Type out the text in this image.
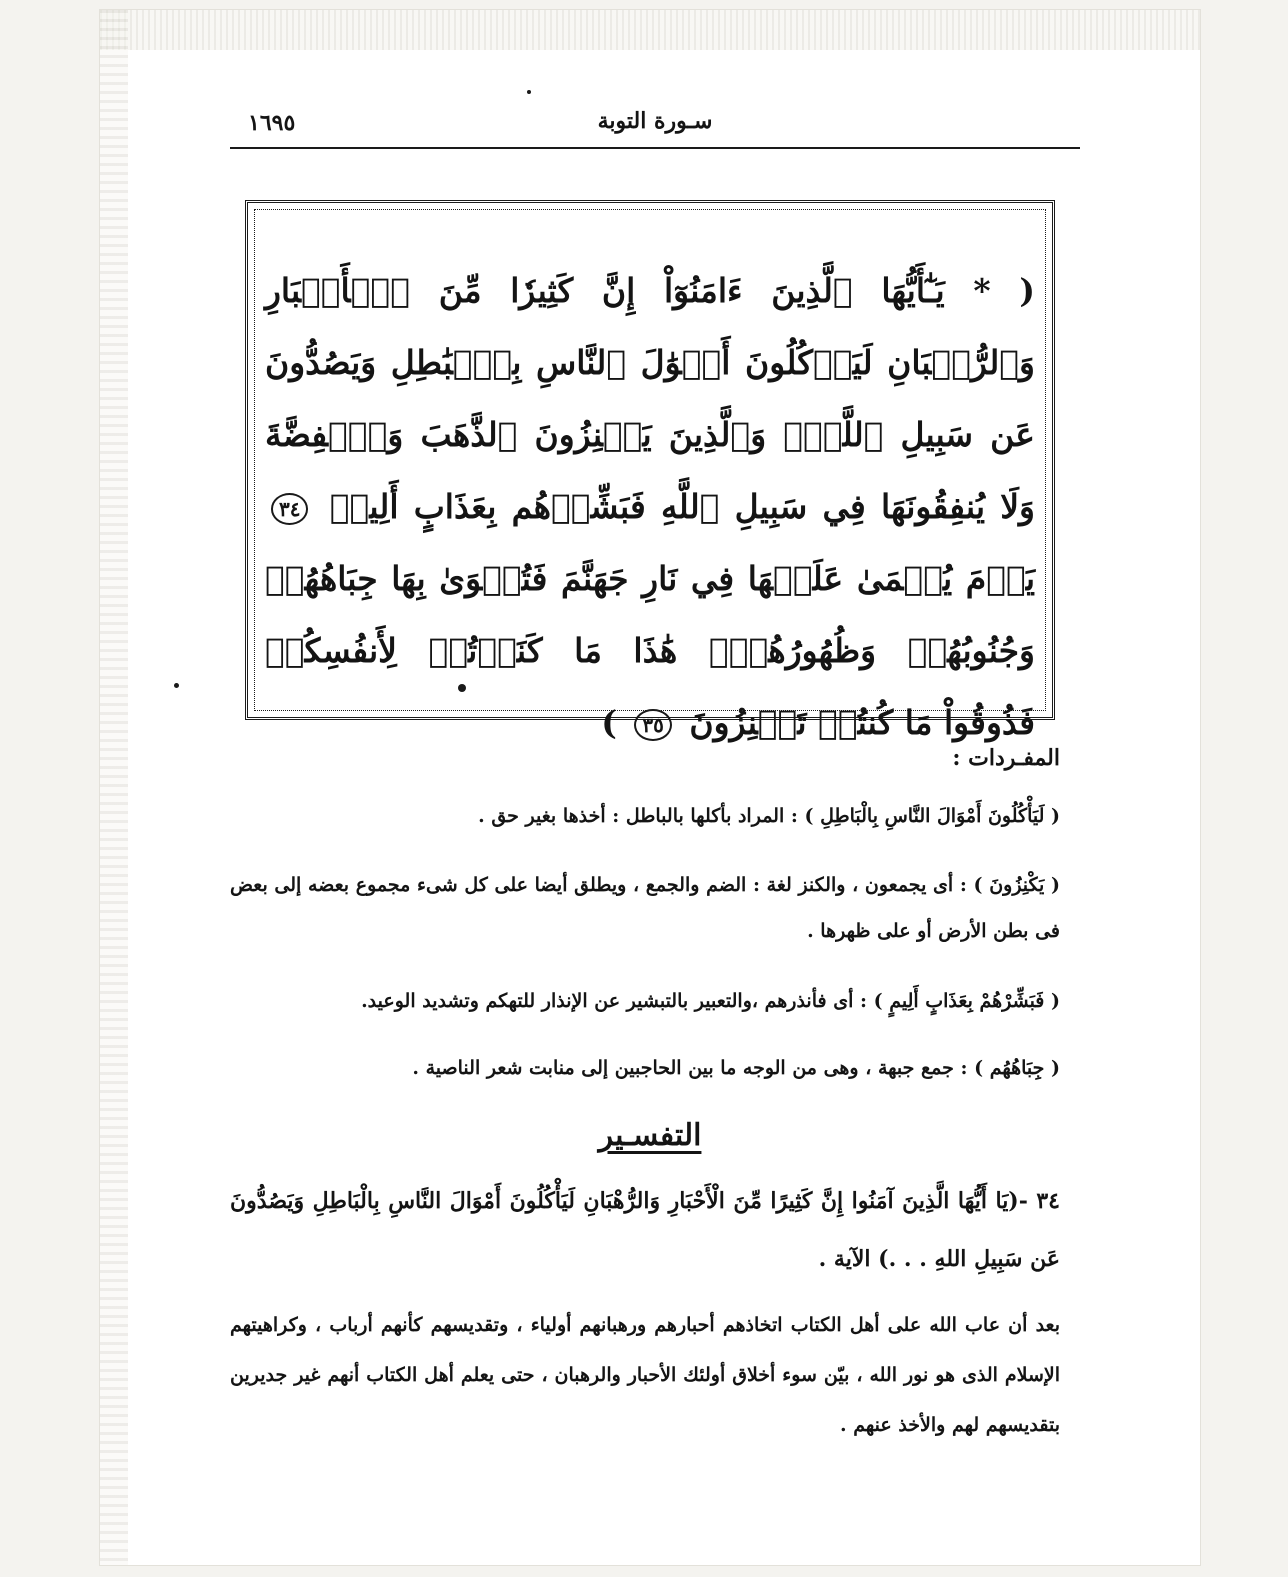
سـورة التوبة
١٦٩٥

( * يَـٰٓأَيُّهَا ٱلَّذِينَ ءَامَنُوٓاْ إِنَّ كَثِيرٗا مِّنَ ٱلۡأَحۡبَارِ وَٱلرُّهۡبَانِ لَيَأۡكُلُونَ أَمۡوَٰلَ ٱلنَّاسِ بِٱلۡبَٰطِلِ وَيَصُدُّونَ عَن سَبِيلِ ٱللَّهِۗ وَٱلَّذِينَ يَكۡنِزُونَ ٱلذَّهَبَ وَٱلۡفِضَّةَ وَلَا يُنفِقُونَهَا فِي سَبِيلِ ٱللَّهِ فَبَشِّرۡهُم بِعَذَابٍ أَلِيمٖ ٣٤ يَوۡمَ يُحۡمَىٰ عَلَيۡهَا فِي نَارِ جَهَنَّمَ فَتُكۡوَىٰ بِهَا جِبَاهُهُمۡ وَجُنُوبُهُمۡ وَظُهُورُهُمۡۖ هَٰذَا مَا كَنَزۡتُمۡ لِأَنفُسِكُمۡ فَذُوقُواْ مَا كُنتُمۡ تَكۡنِزُونَ ٣٥ )

المفـردات :

( لَيَأْكُلُونَ أَمْوَالَ النَّاسِ بِالْبَاطِلِ ) : المراد بأكلها بالباطل : أخذها بغير حق .

( يَكْنِزُونَ ) : أى يجمعون ، والكنز لغة : الضم والجمع ، ويطلق أيضا على كل شىء مجموع بعضه إلى بعض فى بطن الأرض أو على ظهرها .

( فَبَشِّرْهُمْ بِعَذَابٍ أَلِيمٍ ) : أى فأنذرهم ،والتعبير بالتبشير عن الإنذار للتهكم وتشديد الوعيد.

( جِبَاهُهُم ) : جمع جبهة ، وهى من الوجه ما بين الحاجبين إلى منابت شعر الناصية .

التفسـير

٣٤ -(يَا أَيُّهَا الَّذِينَ آمَنُوا إِنَّ كَثِيرًا مِّنَ الْأَحْبَارِ وَالرُّهْبَانِ لَيَأْكُلُونَ أَمْوَالَ النَّاسِ بِالْبَاطِلِ وَيَصُدُّونَ عَن سَبِيلِ اللهِ . . .) الآية .

بعد أن عاب الله على أهل الكتاب اتخاذهم أحبارهم ورهبانهم أولياء ، وتقديسهم كأنهم أرباب ، وكراهيتهم الإسلام الذى هو نور الله ، بيّن سوء أخلاق أولئك الأحبار والرهبان ، حتى يعلم أهل الكتاب أنهم غير جديرين بتقديسهم لهم والأخذ عنهم .
